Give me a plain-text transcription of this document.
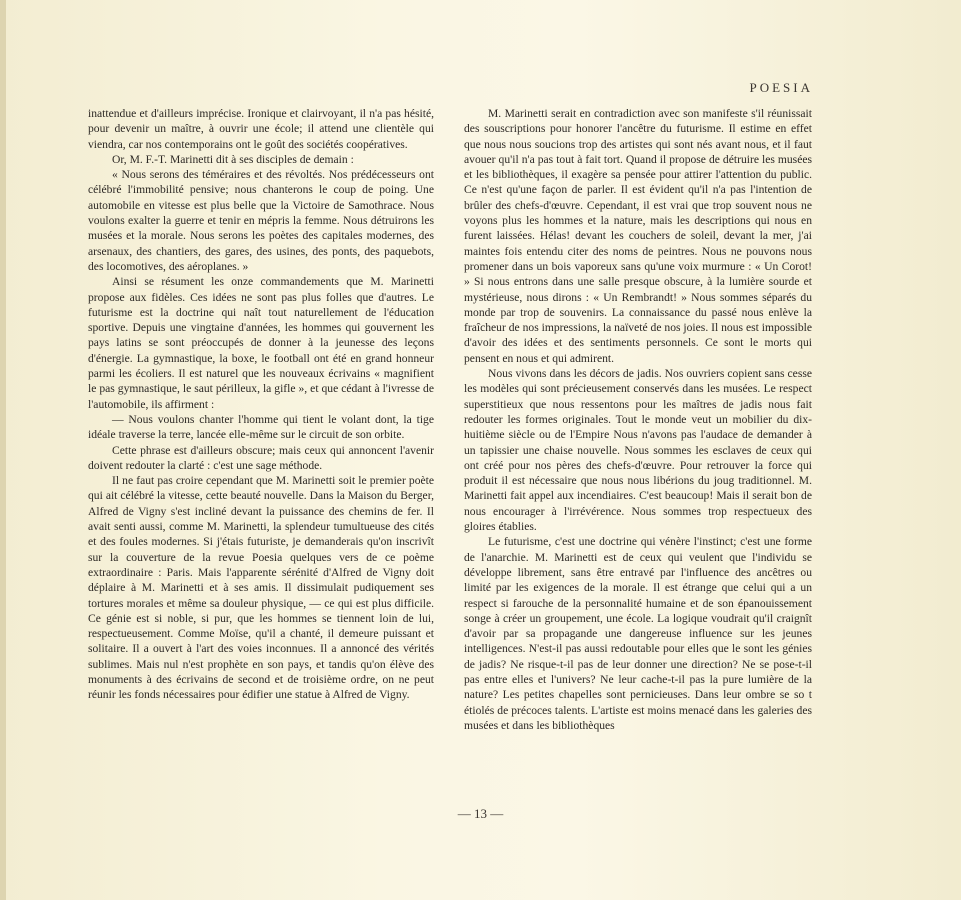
POESIA

inattendue et d'ailleurs imprécise. Ironique et clairvoyant, il n'a pas hésité, pour devenir un maître, à ouvrir une école; il attend une clientèle qui viendra, car nos contemporains ont le goût des sociétés coopératives.

Or, M. F.-T. Marinetti dit à ses disciples de demain :

« Nous serons des téméraires et des révoltés. Nos prédécesseurs ont célébré l'immobilité pensive; nous chanterons le coup de poing. Une automobile en vitesse est plus belle que la Victoire de Samothrace. Nous voulons exalter la guerre et tenir en mépris la femme. Nous détruirons les musées et la morale. Nous serons les poètes des capitales modernes, des arsenaux, des chantiers, des gares, des usines, des ponts, des paquebots, des locomotives, des aéroplanes. »

Ainsi se résument les onze commandements que M. Marinetti propose aux fidèles. Ces idées ne sont pas plus folles que d'autres. Le futurisme est la doctrine qui naît tout naturellement de l'éducation sportive. Depuis une vingtaine d'années, les hommes qui gouvernent les pays latins se sont préoccupés de donner à la jeunesse des leçons d'énergie. La gymnastique, la boxe, le football ont été en grand honneur parmi les écoliers. Il est naturel que les nouveaux écrivains « magnifient le pas gymnastique, le saut périlleux, la gifle », et que cédant à l'ivresse de l'automobile, ils affirment :

— Nous voulons chanter l'homme qui tient le volant dont, la tige idéale traverse la terre, lancée elle-même sur le circuit de son orbite.

Cette phrase est d'ailleurs obscure; mais ceux qui annoncent l'avenir doivent redouter la clarté : c'est une sage méthode.

Il ne faut pas croire cependant que M. Marinetti soit le premier poète qui ait célébré la vitesse, cette beauté nouvelle. Dans la Maison du Berger, Alfred de Vigny s'est incliné devant la puissance des chemins de fer. Il avait senti aussi, comme M. Marinetti, la splendeur tumultueuse des cités et des foules modernes. Si j'étais futuriste, je demanderais qu'on inscrivît sur la couverture de la revue Poesia quelques vers de ce poème extraordinaire : Paris. Mais l'apparente sérénité d'Alfred de Vigny doit déplaire à M. Marinetti et à ses amis. Il dissimulait pudiquement ses tortures morales et même sa douleur physique, — ce qui est plus difficile. Ce génie est si noble, si pur, que les hommes se tiennent loin de lui, respectueusement. Comme Moïse, qu'il a chanté, il demeure puissant et solitaire. Il a ouvert à l'art des voies inconnues. Il a annoncé des vérités sublimes. Mais nul n'est prophète en son pays, et tandis qu'on élève des monuments à des écrivains de second et de troisième ordre, on ne peut réunir les fonds nécessaires pour édifier une statue à Alfred de Vigny.

M. Marinetti serait en contradiction avec son manifeste s'il réunissait des souscriptions pour honorer l'ancêtre du futurisme. Il estime en effet que nous nous soucions trop des artistes qui sont nés avant nous, et il faut avouer qu'il n'a pas tout à fait tort. Quand il propose de détruire les musées et les bibliothèques, il exagère sa pensée pour attirer l'attention du public. Ce n'est qu'une façon de parler. Il est évident qu'il n'a pas l'intention de brûler des chefs-d'œuvre. Cependant, il est vrai que trop souvent nous ne voyons plus les hommes et la nature, mais les descriptions qui nous en furent laissées. Hélas! devant les couchers de soleil, devant la mer, j'ai maintes fois entendu citer des noms de peintres. Nous ne pouvons nous promener dans un bois vaporeux sans qu'une voix murmure : « Un Corot! » Si nous entrons dans une salle presque obscure, à la lumière sourde et mystérieuse, nous dirons : « Un Rembrandt! » Nous sommes séparés du monde par trop de souvenirs. La connaissance du passé nous enlève la fraîcheur de nos impressions, la naïveté de nos joies. Il nous est impossible d'avoir des idées et des sentiments personnels. Ce sont le morts qui pensent en nous et qui admirent.

Nous vivons dans les décors de jadis. Nos ouvriers copient sans cesse les modèles qui sont précieusement conservés dans les musées. Le respect superstitieux que nous ressentons pour les maîtres de jadis nous fait redouter les formes originales. Tout le monde veut un mobilier du dix-huitième siècle ou de l'Empire Nous n'avons pas l'audace de demander à un tapissier une chaise nouvelle. Nous sommes les esclaves de ceux qui ont créé pour nos pères des chefs-d'œuvre. Pour retrouver la force qui produit il est nécessaire que nous nous libérions du joug traditionnel. M. Marinetti fait appel aux incendiaires. C'est beaucoup! Mais il serait bon de nous encourager à l'irrévérence. Nous sommes trop respectueux des gloires établies.

Le futurisme, c'est une doctrine qui vénère l'instinct; c'est une forme de l'anarchie. M. Marinetti est de ceux qui veulent que l'individu se développe librement, sans être entravé par l'influence des ancêtres ou limité par les exigences de la morale. Il est étrange que celui qui a un respect si farouche de la personnalité humaine et de son épanouissement songe à créer un groupement, une école. La logique voudrait qu'il craignît d'avoir par sa propagande une dangereuse influence sur les jeunes intelligences. N'est-il pas aussi redoutable pour elles que le sont les génies de jadis? Ne risque-t-il pas de leur donner une direction? Ne se pose-t-il pas entre elles et l'univers? Ne leur cache-t-il pas la pure lumière de la nature? Les petites chapelles sont pernicieuses. Dans leur ombre se so t étiolés de précoces talents. L'artiste est moins menacé dans les galeries des musées et dans les bibliothèques

— 13 —
